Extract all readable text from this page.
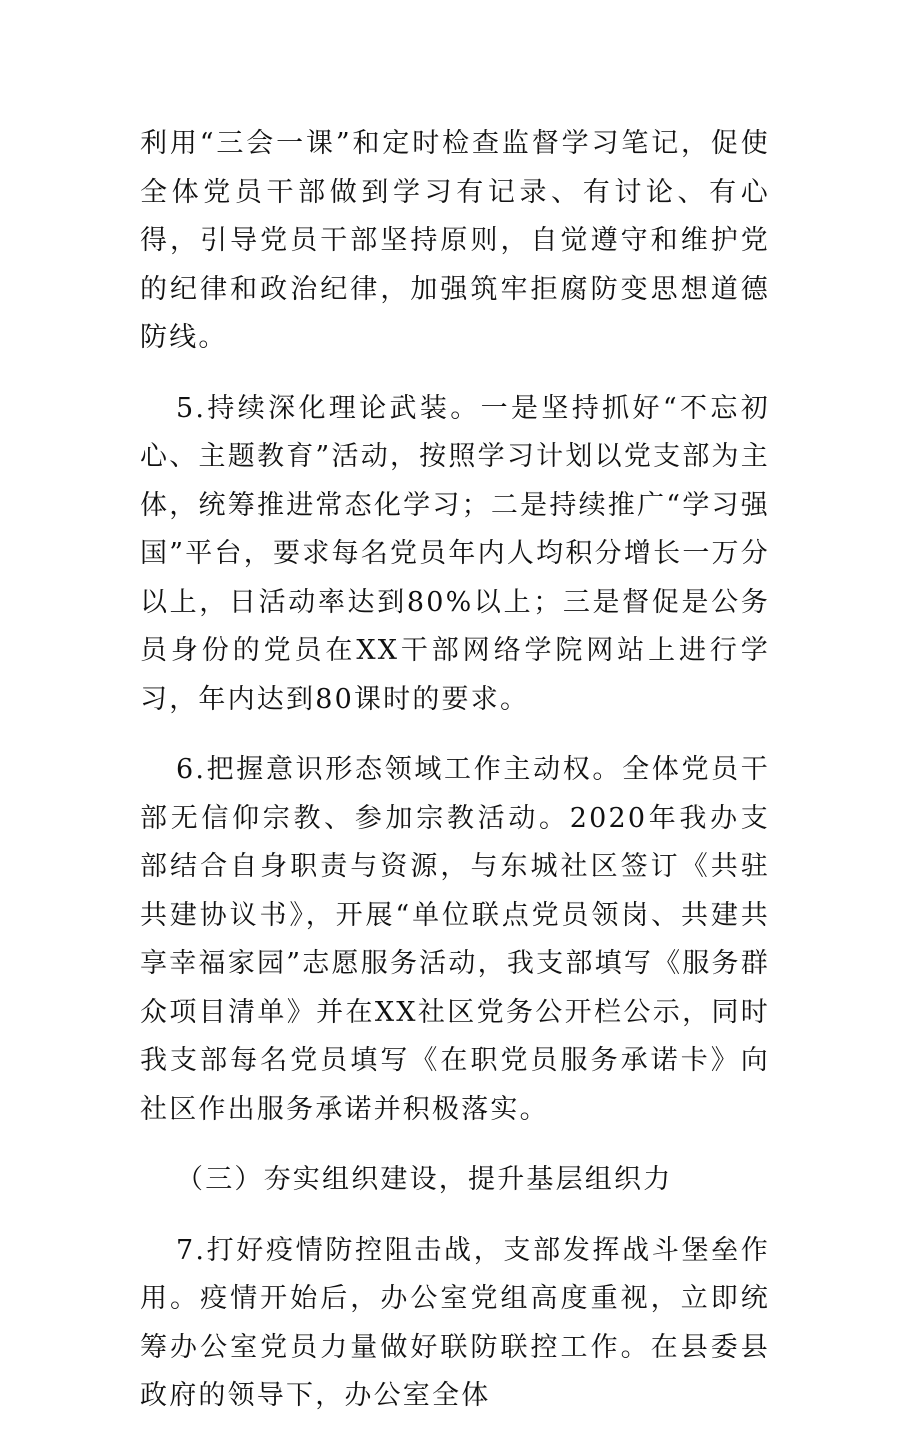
利用“三会一课”和定时检查监督学习笔记，促使全体党员干部做到学习有记录、有讨论、有心得，引导党员干部坚持原则，自觉遵守和维护党的纪律和政治纪律，加强筑牢拒腐防变思想道德防线。

5.持续深化理论武装。一是坚持抓好“不忘初心、主题教育”活动，按照学习计划以党支部为主体，统筹推进常态化学习；二是持续推广“学习强国”平台，要求每名党员年内人均积分增长一万分以上，日活动率达到80%以上；三是督促是公务员身份的党员在XX干部网络学院网站上进行学习，年内达到80课时的要求。

6.把握意识形态领域工作主动权。全体党员干部无信仰宗教、参加宗教活动。2020年我办支部结合自身职责与资源，与东城社区签订《共驻共建协议书》，开展“单位联点党员领岗、共建共享幸福家园”志愿服务活动，我支部填写《服务群众项目清单》并在XX社区党务公开栏公示，同时我支部每名党员填写《在职党员服务承诺卡》向社区作出服务承诺并积极落实。

（三）夯实组织建设，提升基层组织力

7.打好疫情防控阻击战，支部发挥战斗堡垒作用。疫情开始后，办公室党组高度重视，立即统筹办公室党员力量做好联防联控工作。在县委县政府的领导下，办公室全体
